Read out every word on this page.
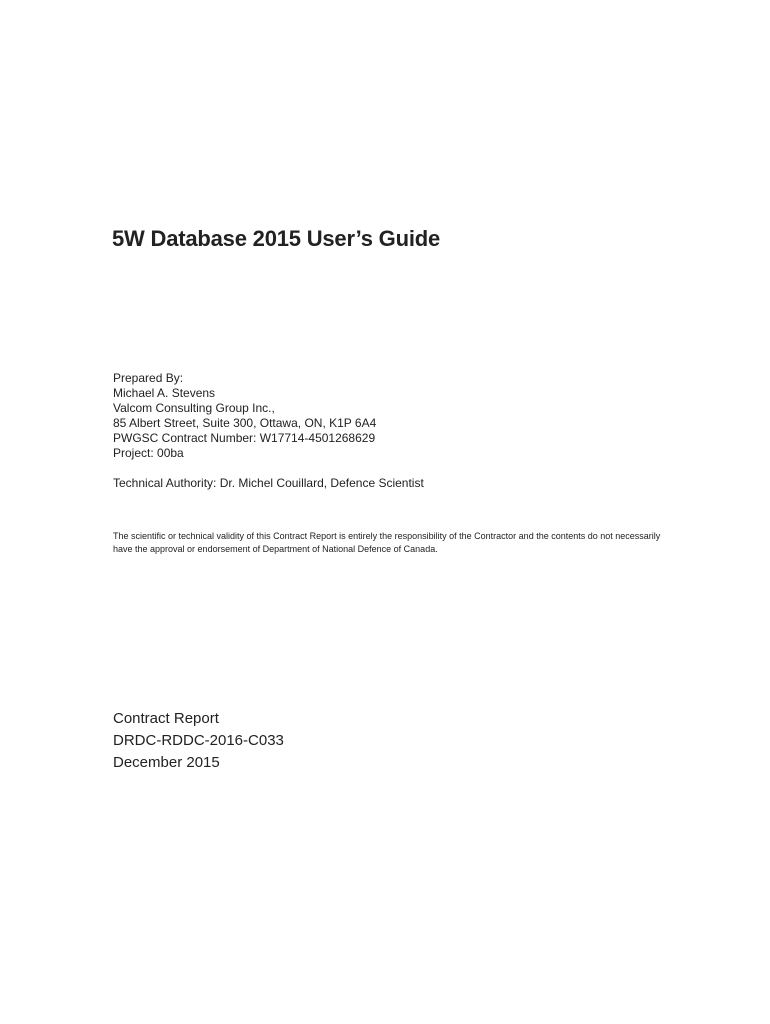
5W Database 2015 User’s Guide
Prepared By:
Michael A. Stevens
Valcom Consulting Group Inc.,
85 Albert Street, Suite 300, Ottawa, ON, K1P 6A4
PWGSC Contract Number: W17714-4501268629
Project: 00ba
Technical Authority: Dr. Michel Couillard, Defence Scientist
The scientific or technical validity of this Contract Report is entirely the responsibility of the Contractor and the contents do not necessarily have the approval or endorsement of Department of National Defence of Canada.
Contract Report
DRDC-RDDC-2016-C033
December 2015
